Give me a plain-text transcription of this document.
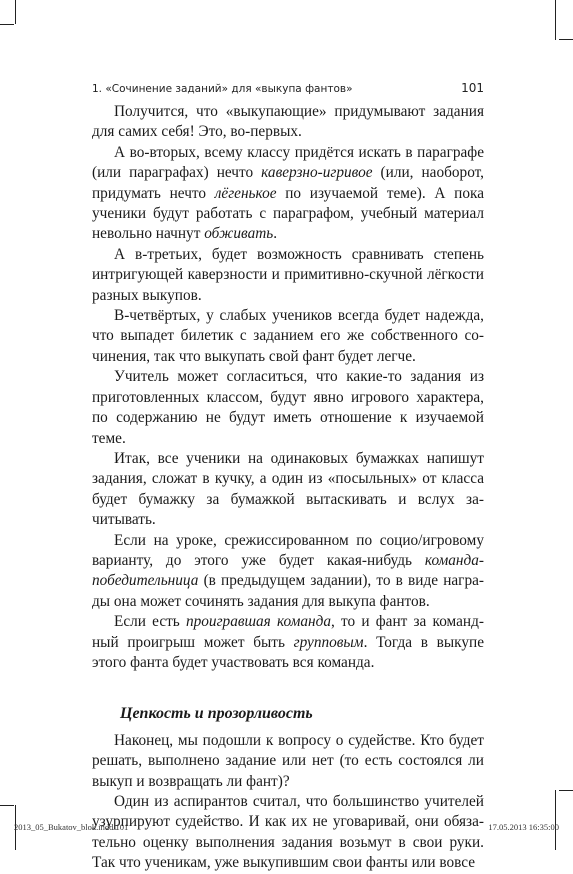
1. «Сочинение заданий» для «выкупа фантов»	101

Получится, что «выкупающие» придумывают задания для самих себя! Это, во-первых.

А во-вторых, всему классу придётся искать в параграфе (или параграфах) нечто каверзно-игривое (или, наоборот, придумать нечто лёгенькое по изучаемой теме). А пока ученики будут работать с параграфом, учебный материал невольно начнут обживать.

А в-третьих, будет возможность сравнивать степень интригующей каверзности и примитивно-скучной лёгкости разных выкупов.

В-четвёртых, у слабых учеников всегда будет надежда, что выпадет билетик с заданием его же собственного сочинения, так что выкупать свой фант будет легче.

Учитель может согласиться, что какие-то задания из приготовленных классом, будут явно игрового характера, по содержанию не будут иметь отношение к изучаемой теме.

Итак, все ученики на одинаковых бумажках напишут задания, сложат в кучку, а один из «посыльных» от класса будет бумажку за бумажкой вытаскивать и вслух зачитывать.

Если на уроке, срежиссированном по социо/игровому варианту, до этого уже будет какая-нибудь команда-победительница (в предыдущем задании), то в виде награды она может сочинять задания для выкупа фантов.

Если есть проигравшая команда, то и фант за командный проигрыш может быть групповым. Тогда в выкупе этого фанта будет участвовать вся команда.

Цепкость и прозорливость

Наконец, мы подошли к вопросу о судействе. Кто будет решать, выполнено задание или нет (то есть состоялся ли выкуп и возвращать ли фант)?

Один из аспирантов считал, что большинство учителей узурпируют судейство. И как их не уговаривай, они обязательно оценку выполнения задания возьмут в свои руки. Так что ученикам, уже выкупившим свои фанты или вовсе

2013_05_Bukatov_blok.indd 101	17.05.2013 16:35:00
